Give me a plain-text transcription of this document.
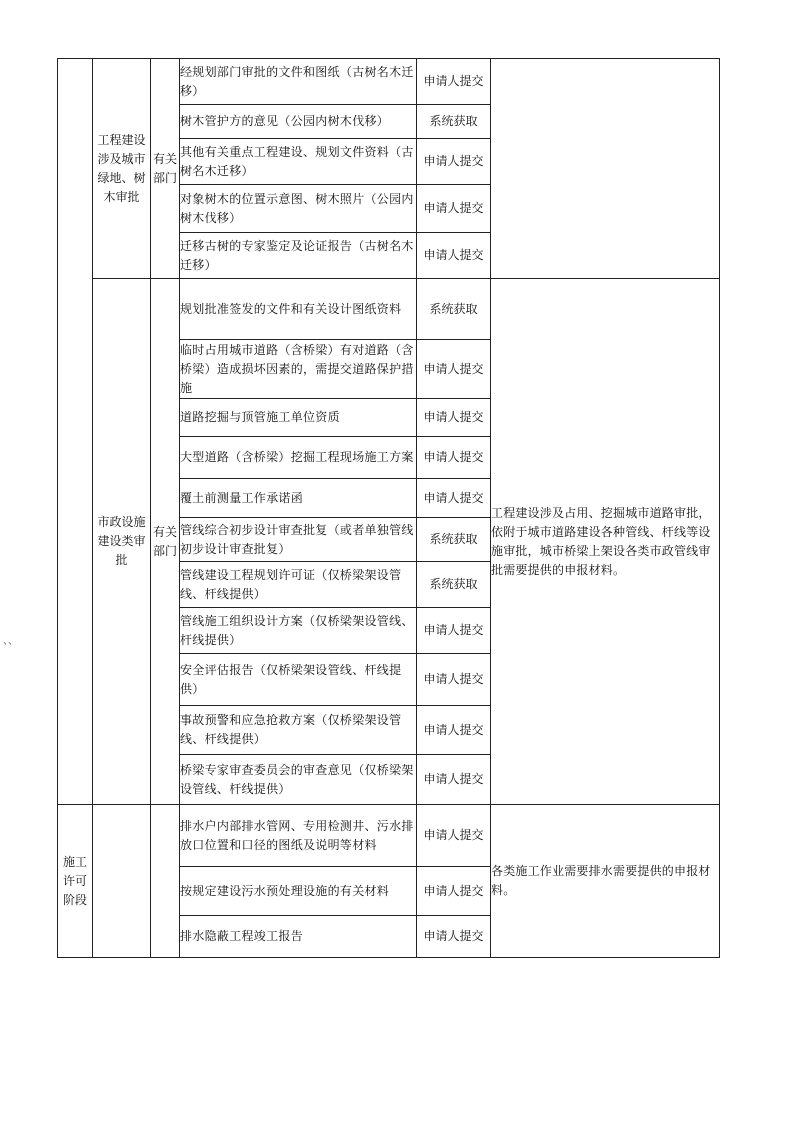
、、
	工程建设涉及城市绿地、树木审批	有关部门	经规划部门审批的文件和图纸（古树名木迁移）	申请人提交	
			树木管护方的意见（公园内树木伐移）	系统获取	
			其他有关重点工程建设、规划文件资料（古树名木迁移）	申请人提交	
			对象树木的位置示意图、树木照片（公园内树木伐移）	申请人提交	
			迁移古树的专家鉴定及论证报告（古树名木迁移）	申请人提交	
	市政设施建设类审批	有关部门	规划批准签发的文件和有关设计图纸资料	系统获取	工程建设涉及占用、挖掘城市道路审批，依附于城市道路建设各种管线、杆线等设施审批，城市桥梁上架设各类市政管线审批需要提供的申报材料。
			临时占用城市道路（含桥梁）有对道路（含桥梁）造成损坏因素的，需提交道路保护措施	申请人提交	
			道路挖掘与顶管施工单位资质	申请人提交	
			大型道路（含桥梁）挖掘工程现场施工方案	申请人提交	
			覆土前测量工作承诺函	申请人提交	
			管线综合初步设计审查批复（或者单独管线初步设计审查批复）	系统获取	
			管线建设工程规划许可证（仅桥梁架设管线、杆线提供）	系统获取	
			管线施工组织设计方案（仅桥梁架设管线、杆线提供）	申请人提交	
			安全评估报告（仅桥梁架设管线、杆线提供）	申请人提交	
			事故预警和应急抢救方案（仅桥梁架设管线、杆线提供）	申请人提交	
			桥梁专家审查委员会的审查意见（仅桥梁架设管线、杆线提供）	申请人提交	
施工许可阶段			排水户内部排水管网、专用检测井、污水排放口位置和口径的图纸及说明等材料	申请人提交	各类施工作业需要排水需要提供的申报材料。
			按规定建设污水预处理设施的有关材料	申请人提交	
			排水隐蔽工程竣工报告	申请人提交	
